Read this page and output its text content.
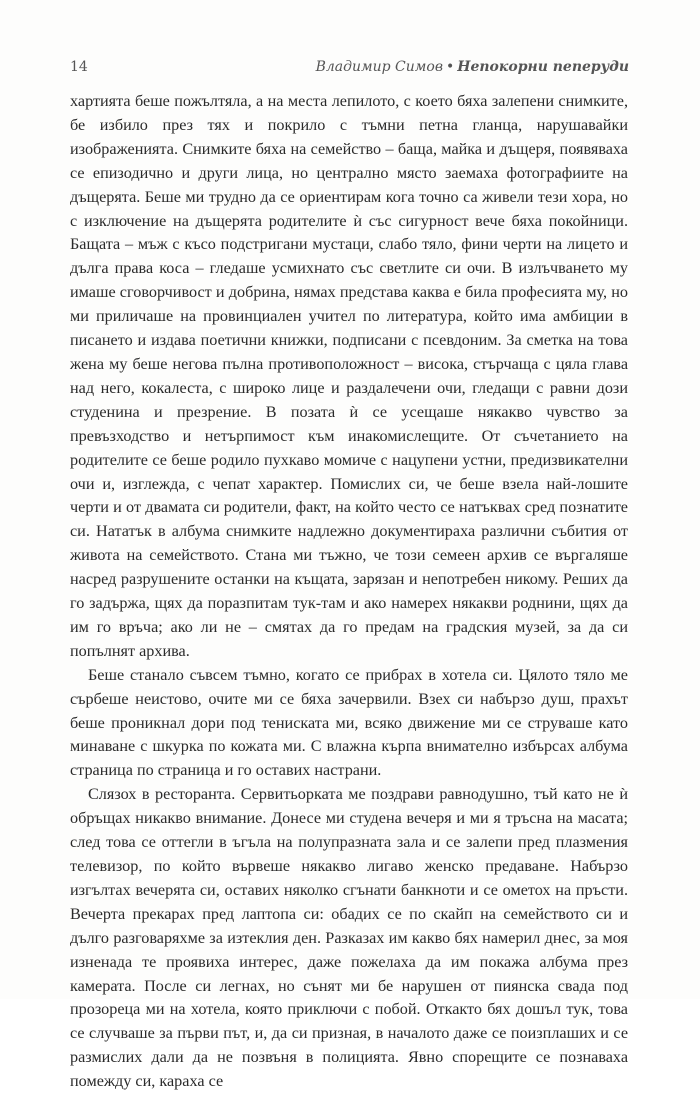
14	Владимир Симов • Непокорни пеперуди

хартията беше пожълтяла, а на места лепилото, с което бяха залепени снимките, бе избило през тях и покрило с тъмни петна гланца, нарушавайки изображенията. Снимките бяха на семейство – баща, майка и дъщеря, появяваха се епизодично и други лица, но централно място заемаха фотографиите на дъщерята. Беше ми трудно да се ориентирам кога точно са живели тези хора, но с изключение на дъщерята родителите ѝ със сигурност вече бяха покойници. Бащата – мъж с късо подстригани мустаци, слабо тяло, фини черти на лицето и дълга права коса – гледаше усмихнато със светлите си очи. В излъчването му имаше сговорчивост и добрина, нямах представа каква е била професията му, но ми приличаше на провинциален учител по литература, който има амбиции в писането и издава поетични книжки, подписани с псевдоним. За сметка на това жена му беше негова пълна противоположност – висока, стърчаща с цяла глава над него, кокалеста, с широко лице и раздалечени очи, гледащи с равни дози студенина и презрение. В позата ѝ се усещаше някакво чувство за превъзходство и нетърпимост към инакомислещите. От съчетанието на родителите се беше родило пухкаво момиче с нацупени устни, предизвикателни очи и, изглежда, с чепат характер. Помислих си, че беше взела най-лошите черти и от двамата си родители, факт, на който често се натъквах сред познатите си. Нататък в албума снимките надлежно документираха различни събития от живота на семейството. Стана ми тъжно, че този семеен архив се въргаляше насред разрушените останки на къщата, зарязан и непотребен никому. Реших да го задържа, щях да поразпитам тук-там и ако намерех някакви роднини, щях да им го връча; ако ли не – смятах да го предам на градския музей, за да си попълнят архива.

Беше станало съвсем тъмно, когато се прибрах в хотела си. Цялото тяло ме сърбеше неистово, очите ми се бяха зачервили. Взех си набързо душ, прахът беше проникнал дори под тениската ми, всяко движение ми се струваше като минаване с шкурка по кожата ми. С влажна кърпа внимателно избърсах албума страница по страница и го оставих настрани.

Слязох в ресторанта. Сервитьорката ме поздрави равнодушно, тъй като не ѝ обръщах никакво внимание. Донесе ми студена вечеря и ми я тръсна на масата; след това се оттегли в ъгъла на полупразната зала и се залепи пред плазмения телевизор, по който вървеше някакво лигаво женско предаване. Набързо изгълтах вечерята си, оставих няколко сгънати банкноти и се ометох на пръсти. Вечерта прекарах пред лаптопа си: обадих се по скайп на семейството си и дълго разговаряхме за изтеклия ден. Разказах им какво бях намерил днес, за моя изненада те проявиха интерес, даже пожелаха да им покажа албума през камерата. После си легнах, но сънят ми бе нарушен от пиянска свада под прозореца ми на хотела, която приключи с побой. Откакто бях дошъл тук, това се случваше за първи път, и, да си призная, в началото даже се поизплаших и се размислих дали да не позвъня в полицията. Явно спорещите се познаваха помежду си, караха се
